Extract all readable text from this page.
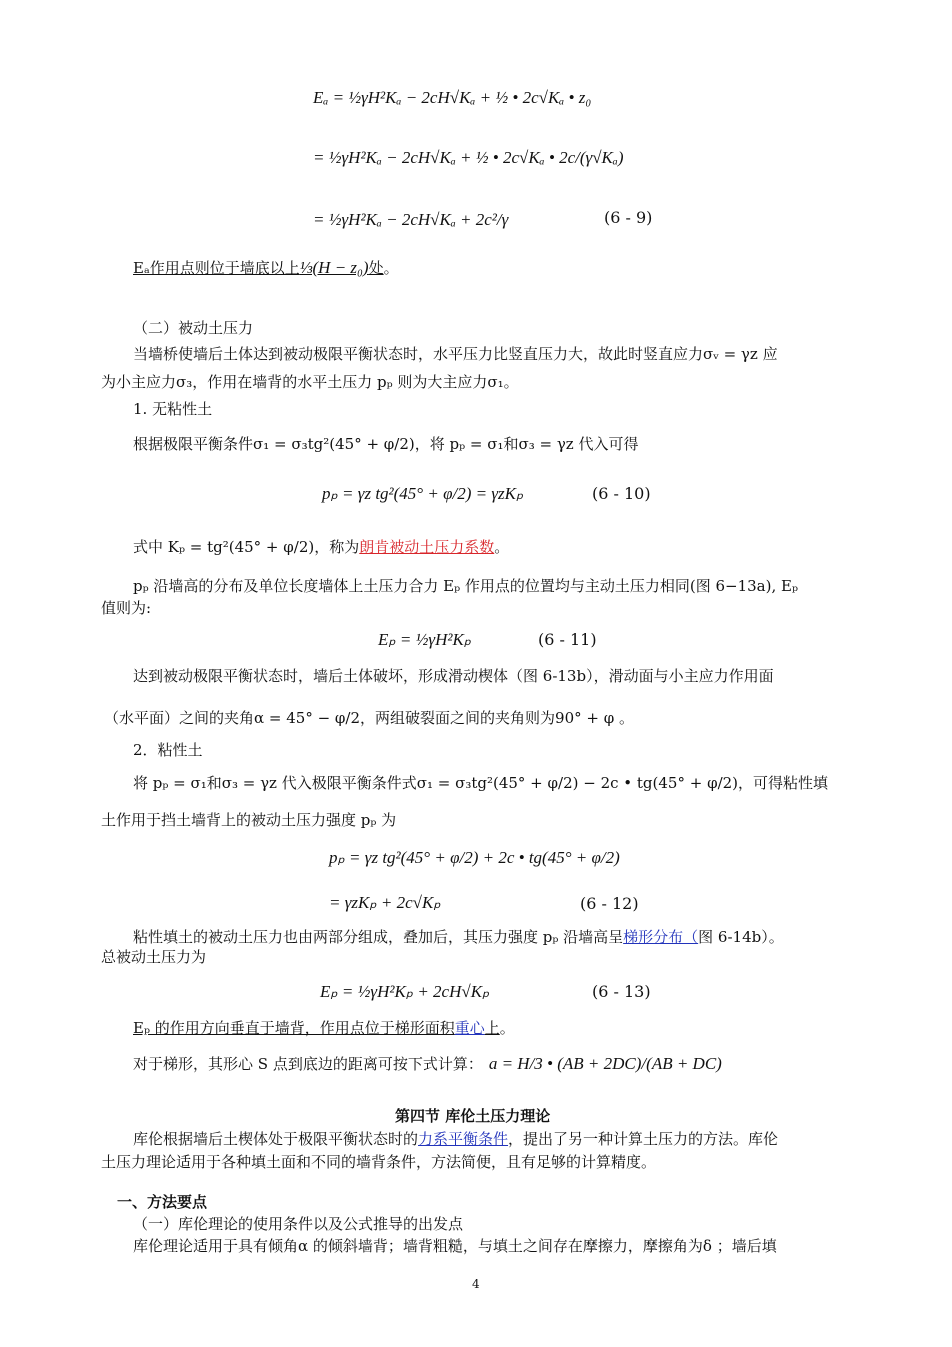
Eₐ = ½γH²Kₐ − 2cH√Kₐ + ½ • 2c√Kₐ • z₀
= ½γH²Kₐ − 2cH√Kₐ + ½ • 2c√Kₐ • 2c/(γ√Kₐ)
= ½γH²Kₐ − 2cH√Kₐ + 2c²/γ	(6 - 9)
Eₐ作用点则位于墙底以上⅓(H − z₀)处。
（二）被动土压力
当墙桥使墙后土体达到被动极限平衡状态时，水平压力比竖直压力大，故此时竖直应力σᵥ = γz 应
为小主应力σ₃，作用在墙背的水平土压力 pₚ 则为大主应力σ₁。
1. 无粘性土
根据极限平衡条件σ₁ = σ₃tg²(45° + φ/2)，将 pₚ = σ₁和σ₃ = γz 代入可得
pₚ = γz tg²(45° + φ/2) = γzKₚ	(6 - 10)
式中 Kₚ = tg²(45° + φ/2)，称为朗肯被动土压力系数。
pₚ 沿墙高的分布及单位长度墙体上土压力合力 Eₚ 作用点的位置均与主动土压力相同(图 6−13a), Eₚ
值则为:
Eₚ = ½γH²Kₚ	(6 - 11)
达到被动极限平衡状态时，墙后土体破坏，形成滑动楔体（图 6-13b），滑动面与小主应力作用面
（水平面）之间的夹角α = 45° − φ/2，两组破裂面之间的夹角则为90° + φ 。
2．粘性土
将 pₚ = σ₁和σ₃ = γz 代入极限平衡条件式σ₁ = σ₃tg²(45° + φ/2) − 2c • tg(45° + φ/2)，可得粘性填
土作用于挡土墙背上的被动土压力强度 pₚ 为
pₚ = γz tg²(45° + φ/2) + 2c • tg(45° + φ/2)
= γzKₚ + 2c√Kₚ	(6 - 12)
粘性填土的被动土压力也由两部分组成，叠加后，其压力强度 pₚ 沿墙高呈梯形分布（图 6-14b）。
总被动土压力为
Eₚ = ½γH²Kₚ + 2cH√Kₚ	(6 - 13)
Eₚ 的作用方向垂直于墙背，作用点位于梯形面积重心上。
对于梯形，其形心 S 点到底边的距离可按下式计算： a = H/3 • (AB + 2DC)/(AB + DC)
第四节 库伦土压力理论
库伦根据墙后土楔体处于极限平衡状态时的力系平衡条件，提出了另一种计算土压力的方法。库伦
土压力理论适用于各种填土面和不同的墙背条件，方法简便，且有足够的计算精度。
一、方法要点
（一）库伦理论的使用条件以及公式推导的出发点
库伦理论适用于具有倾角α 的倾斜墙背；墙背粗糙，与填土之间存在摩擦力，摩擦角为δ ；墙后填
4
